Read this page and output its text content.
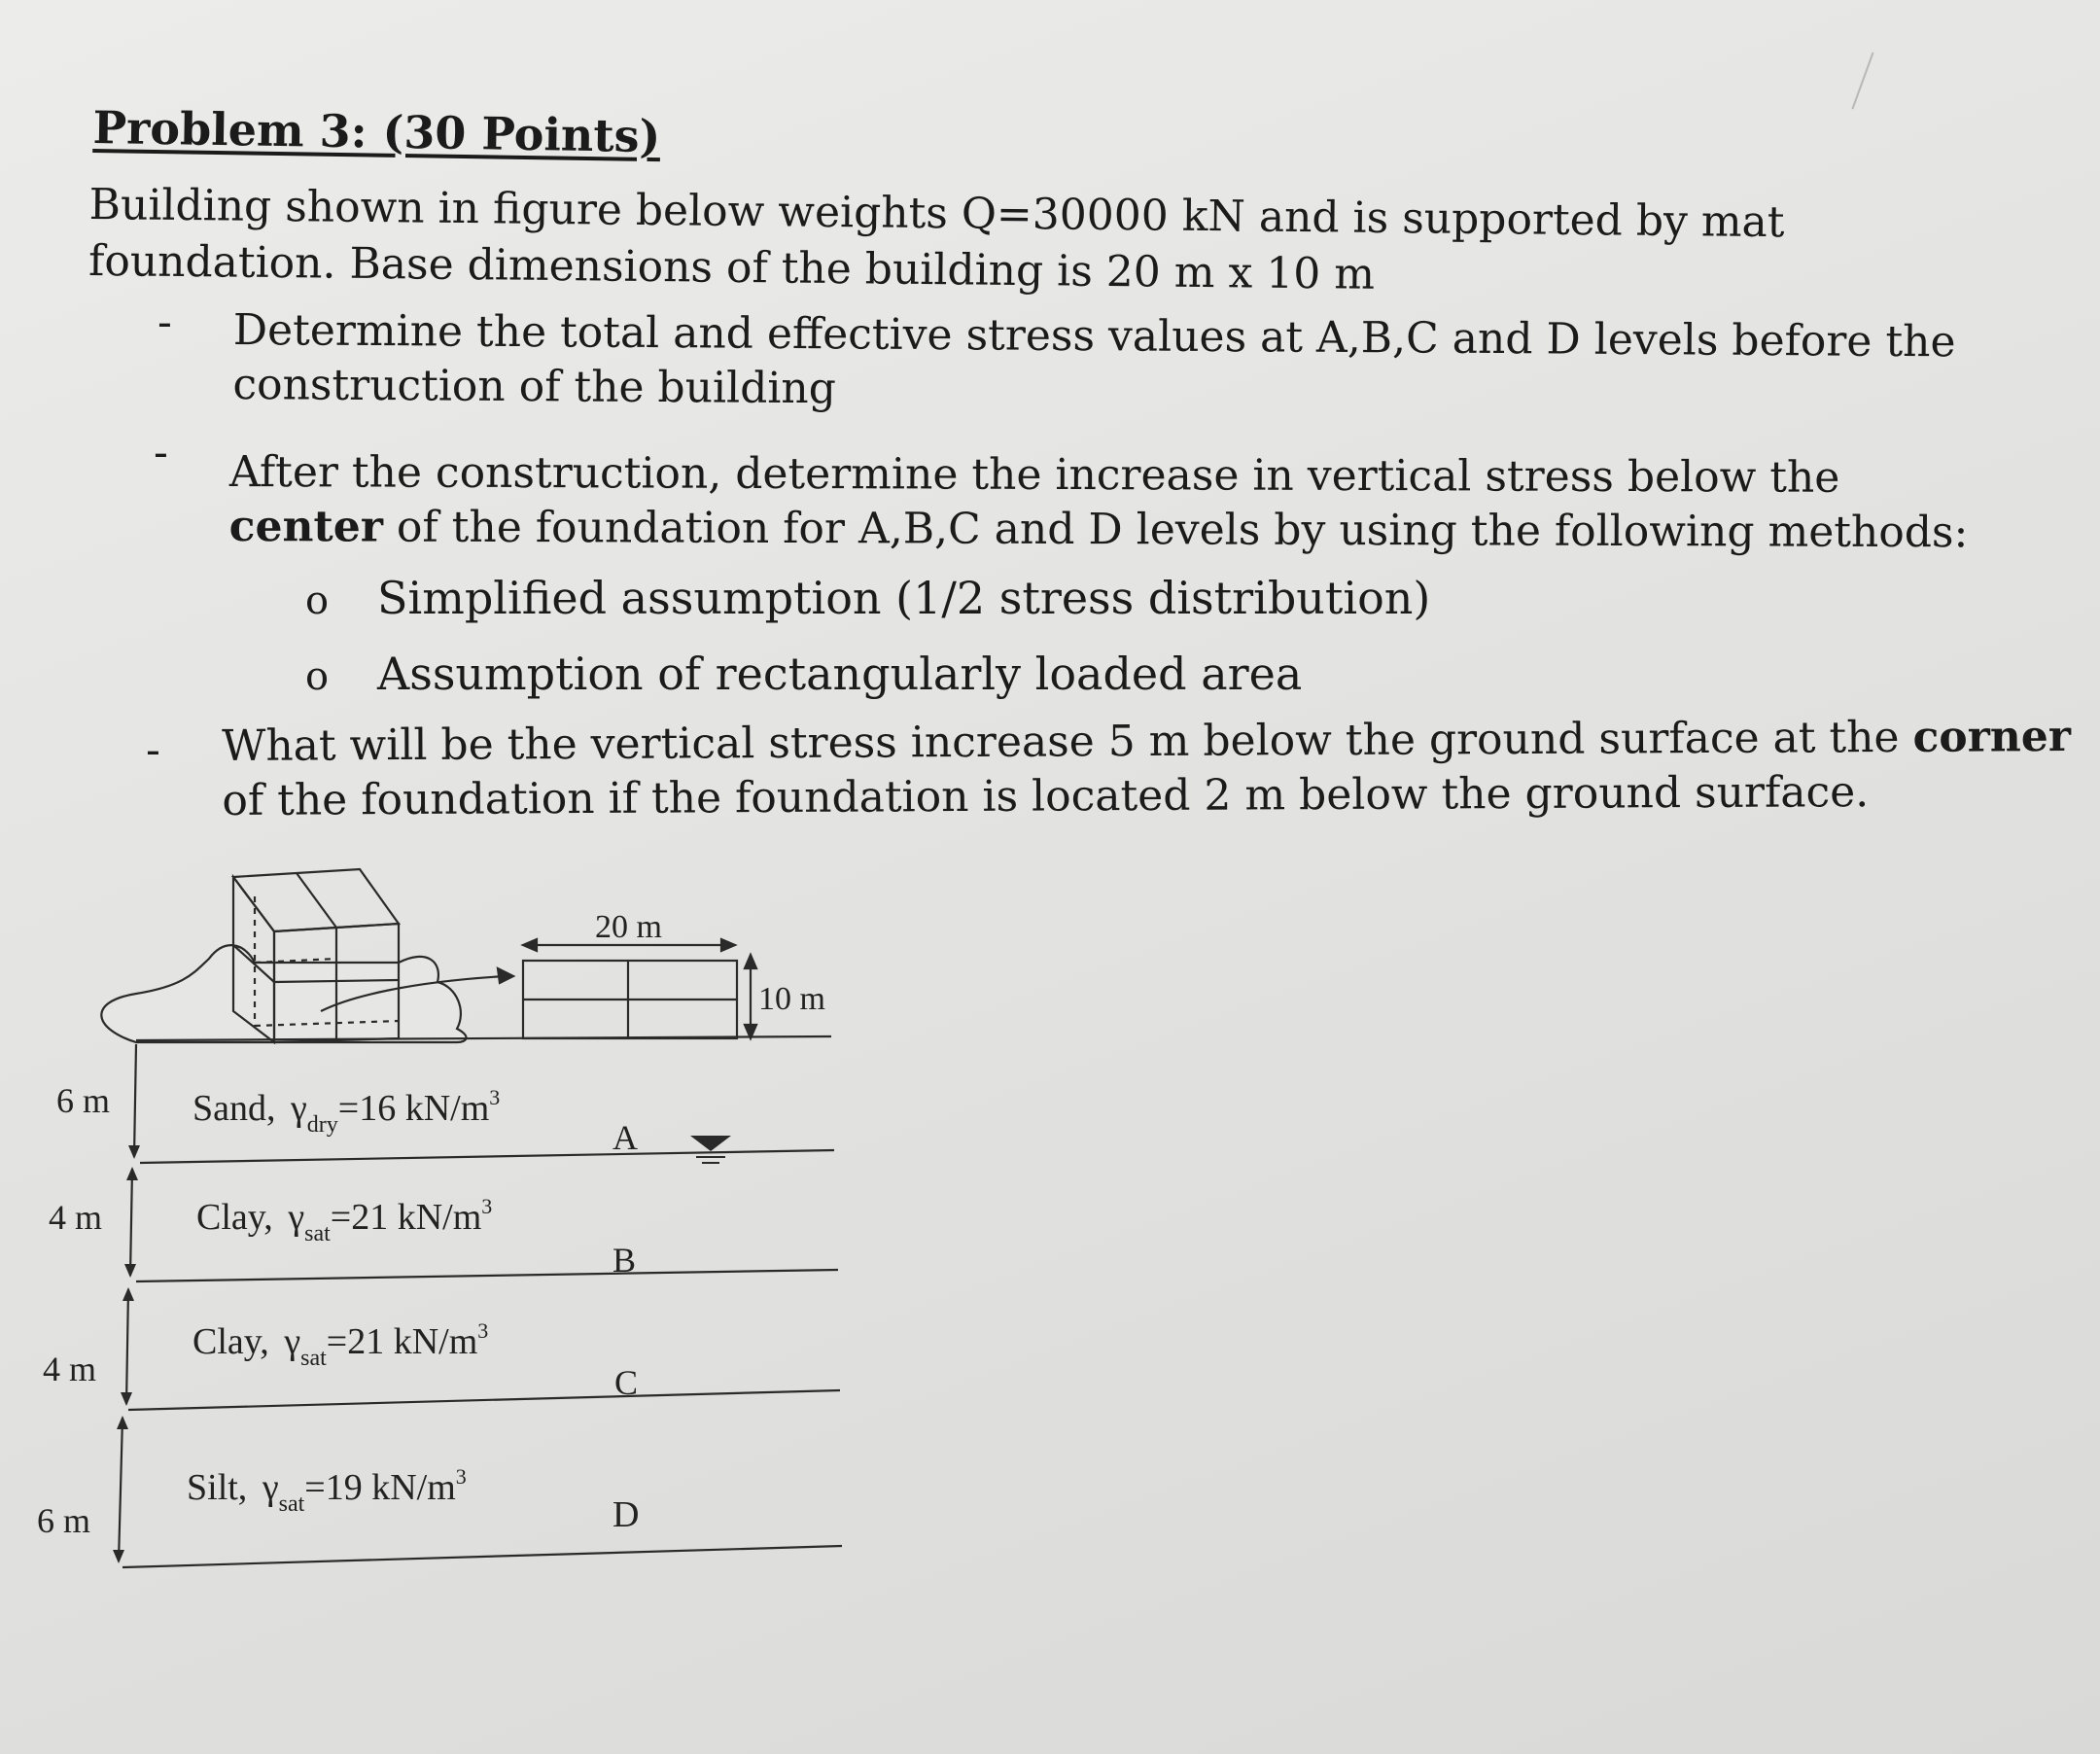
Problem 3: (30 Points)
Building shown in figure below weights Q=30000 kN and is supported by mat foundation. Base dimensions of the building is 20 m x 10 m
- Determine the total and effective stress values at A,B,C and D levels before the construction of the building
- After the construction, determine the increase in vertical stress below the center of the foundation for A,B,C and D levels by using the following methods:
o Simplified assumption (1/2 stress distribution)
o Assumption of rectangularly loaded area
- What will be the vertical stress increase 5 m below the ground surface at the corner of the foundation if the foundation is located 2 m below the ground surface.
20 m
10 m
6 m
4 m
4 m
6 m
Sand, $\gamma_{dry}=16$ $kN/m^3$
Clay, $\gamma_{sat}=21$ $kN/m^3$
Clay, $\gamma_{sat}=21$ $kN/m^3$
Silt, $\gamma_{sat}=19$ $kN/m^3$
A
B
C
D
